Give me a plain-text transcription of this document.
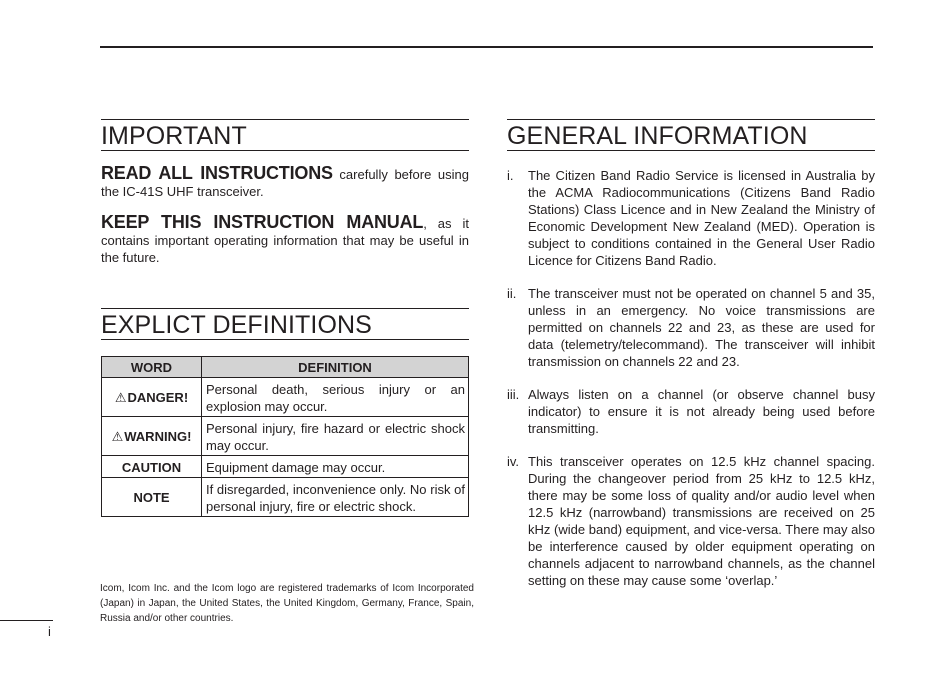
IMPORTANT

READ ALL INSTRUCTIONS carefully before using the IC-41S UHF transceiver.

KEEP THIS INSTRUCTION MANUAL, as it contains important operating information that may be useful in the future.

EXPLICT DEFINITIONS
WORD	DEFINITION
⚠DANGER!	Personal death, serious injury or an explosion may occur.
⚠WARNING!	Personal injury, fire hazard or electric shock may occur.
CAUTION	Equipment damage may occur.
NOTE	If disregarded, inconvenience only. No risk of personal injury, fire or electric shock.
Icom, Icom Inc. and the Icom logo are registered trademarks of Icom Incorporated (Japan) in Japan, the United States, the United Kingdom, Germany, France, Spain, Russia and/or other countries.
i
GENERAL INFORMATION
i. The Citizen Band Radio Service is licensed in Australia by the ACMA Radiocommunications (Citizens Band Radio Stations) Class Licence and in New Zealand the Ministry of Economic Development New Zealand (MED). Operation is subject to conditions contained in the General User Radio Licence for Citizens Band Radio.
ii. The transceiver must not be operated on channel 5 and 35, unless in an emergency. No voice transmissions are permitted on channels 22 and 23, as these are used for data (telemetry/telecommand). The transceiver will inhibit transmission on channels 22 and 23.
iii. Always listen on a channel (or observe channel busy indicator) to ensure it is not already being used before transmitting.
iv. This transceiver operates on 12.5 kHz channel spacing. During the changeover period from 25 kHz to 12.5 kHz, there may be some loss of quality and/or audio level when 12.5 kHz (narrowband) transmissions are received on 25 kHz (wide band) equipment, and vice-versa. There may also be interference caused by older equipment operating on channels adjacent to narrowband channels, as the channel setting on these may cause some ‘overlap.’
